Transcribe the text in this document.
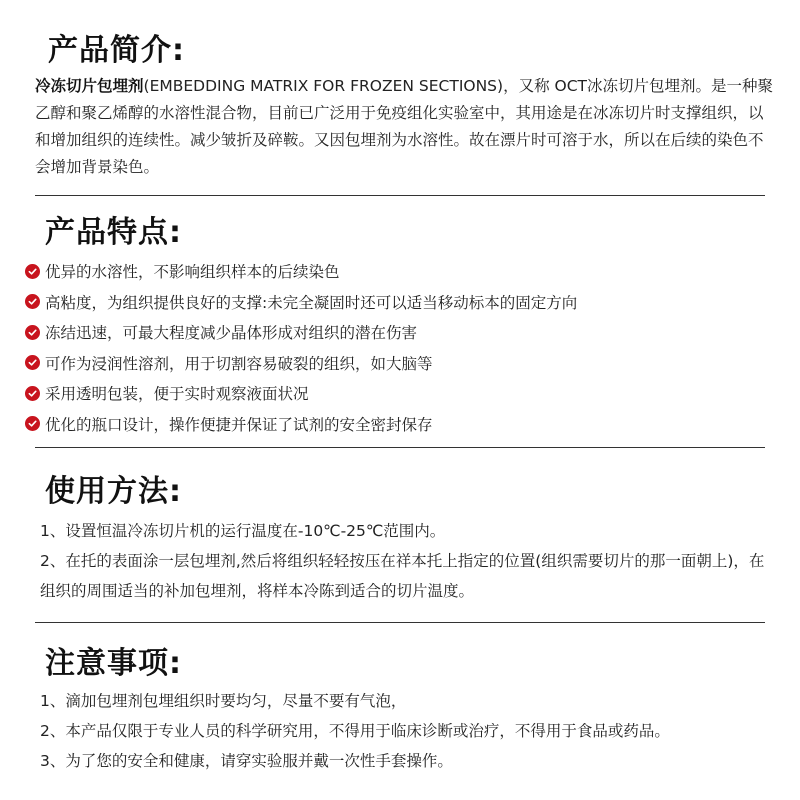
产品简介:

冷冻切片包埋剂(EMBEDDING MATRIX FOR FROZEN SECTIONS)，又称 OCT冰冻切片包埋剂。是一种聚乙醇和聚乙烯醇的水溶性混合物，目前已广泛用于免疫组化实验室中，其用途是在冰冻切片时支撑组织，以和增加组织的连续性。减少皱折及碎鞍。又因包埋剂为水溶性。故在漂片时可溶于水，所以在后续的染色不会增加背景染色。

产品特点:
优异的水溶性，不影响组织样本的后续染色
高粘度，为组织提供良好的支撑:未完全凝固时还可以适当移动标本的固定方向
冻结迅速，可最大程度减少晶体形成对组织的潜在伤害
可作为浸润性溶剂，用于切割容易破裂的组织，如大脑等
采用透明包装，便于实时观察液面状况
优化的瓶口设计，操作便捷并保证了试剂的安全密封保存
使用方法:
1、设置恒温冷冻切片机的运行温度在-10℃-25℃范围内。
2、在托的表面涂一层包埋剂,然后将组织轻轻按压在祥本托上指定的位置(组织需要切片的那一面朝上)，在组织的周围适当的补加包埋剂，将样本冷陈到适合的切片温度。
注意事项:
1、滴加包埋剂包埋组织时要均匀，尽量不要有气泡，
2、本产品仅限于专业人员的科学研究用，不得用于临床诊断或治疗，不得用于食品或药品。
3、为了您的安全和健康，请穿实验服并戴一次性手套操作。
